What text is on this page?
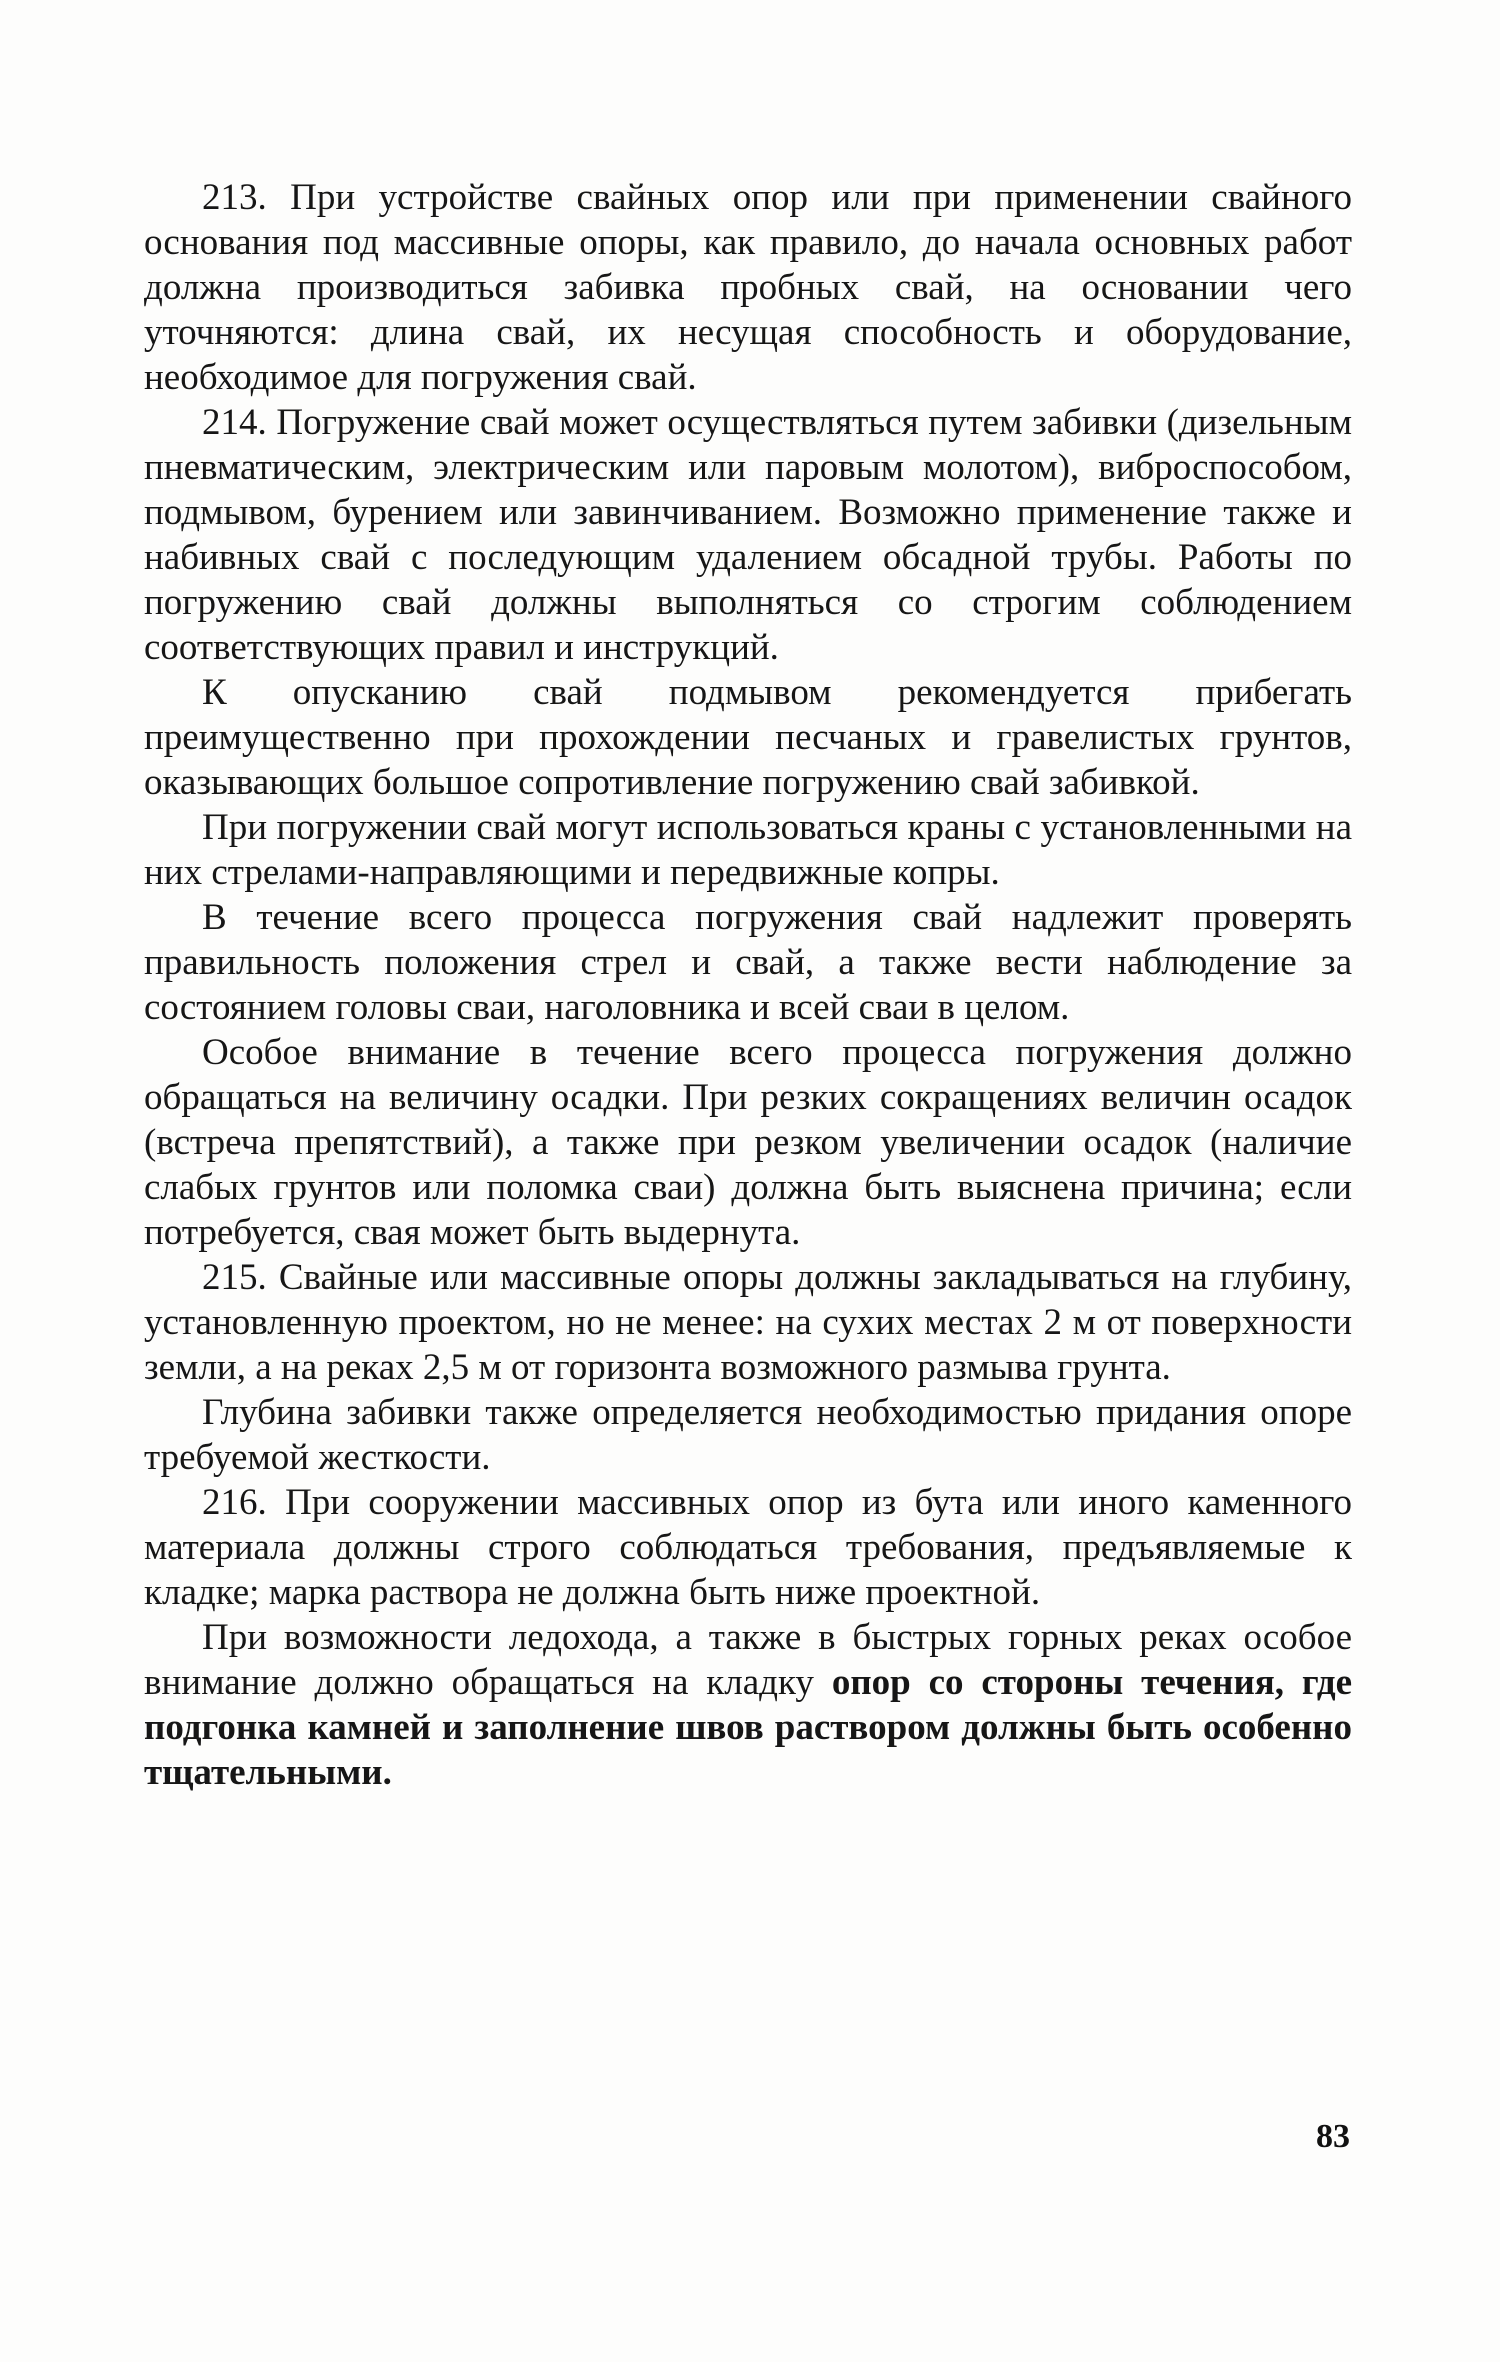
213. При устройстве свайных опор или при применении свайного основания под массивные опоры, как правило, до начала основных работ должна производиться забивка пробных свай, на основании чего уточняются: длина свай, их несущая способность и оборудование, необходимое для погружения свай.

214. Погружение свай может осуществляться путем забивки (дизельным пневматическим, электрическим или паровым молотом), виброспособом, подмывом, бурением или завинчиванием. Возможно применение также и набивных свай с последующим удалением обсадной трубы. Работы по погружению свай должны выполняться со строгим соблюдением соответствующих правил и инструкций.

К опусканию свай подмывом рекомендуется прибегать преимущественно при прохождении песчаных и гравелистых грунтов, оказывающих большое сопротивление погружению свай забивкой.

При погружении свай могут использоваться краны с установленными на них стрелами-направляющими и передвижные копры.

В течение всего процесса погружения свай надлежит проверять правильность положения стрел и свай, а также вести наблюдение за состоянием головы сваи, наголовника и всей сваи в целом.

Особое внимание в течение всего процесса погружения должно обращаться на величину осадки. При резких сокращениях величин осадок (встреча препятствий), а также при резком увеличении осадок (наличие слабых грунтов или поломка сваи) должна быть выяснена причина; если потребуется, свая может быть выдернута.

215. Свайные или массивные опоры должны закладываться на глубину, установленную проектом, но не менее: на сухих местах 2 м от поверхности земли, а на реках 2,5 м от горизонта возможного размыва грунта.

Глубина забивки также определяется необходимостью придания опоре требуемой жесткости.

216. При сооружении массивных опор из бута или иного каменного материала должны строго соблюдаться требования, предъявляемые к кладке; марка раствора не должна быть ниже проектной.

При возможности ледохода, а также в быстрых горных реках особое внимание должно обращаться на кладку опор со стороны течения, где подгонка камней и заполнение швов раствором должны быть особенно тщательными.

83
